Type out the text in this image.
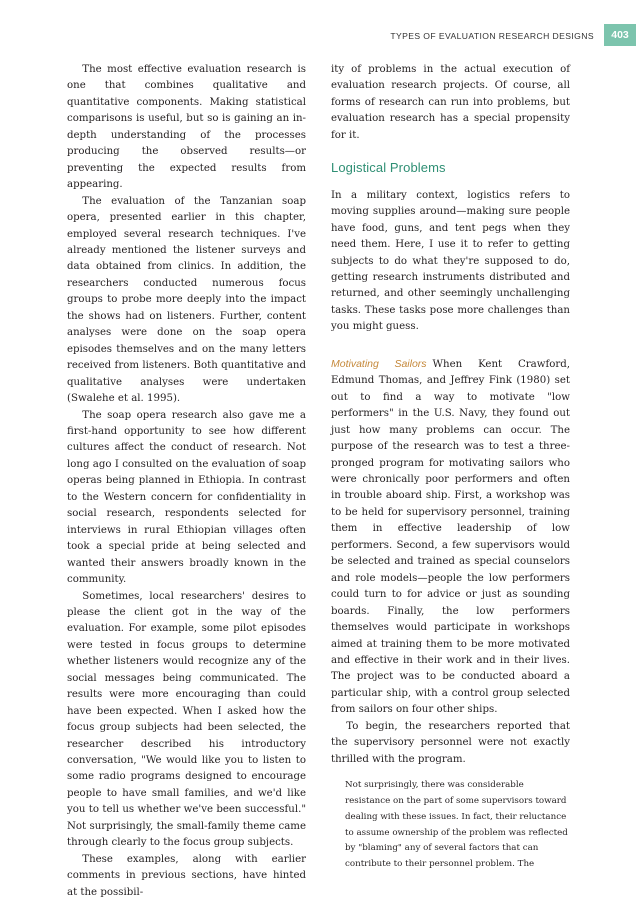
TYPES OF EVALUATION RESEARCH DESIGNS	403

The most effective evaluation research is one that combines qualitative and quantitative components. Making statistical comparisons is useful, but so is gaining an in-depth understanding of the processes producing the observed results—or preventing the expected results from appearing.

The evaluation of the Tanzanian soap opera, presented earlier in this chapter, employed several research techniques. I've already mentioned the listener surveys and data obtained from clinics. In addition, the researchers conducted numerous focus groups to probe more deeply into the impact the shows had on listeners. Further, content analyses were done on the soap opera episodes themselves and on the many letters received from listeners. Both quantitative and qualitative analyses were undertaken (Swalehe et al. 1995).

The soap opera research also gave me a first-hand opportunity to see how different cultures affect the conduct of research. Not long ago I consulted on the evaluation of soap operas being planned in Ethiopia. In contrast to the Western concern for confidentiality in social research, respondents selected for interviews in rural Ethiopian villages often took a special pride at being selected and wanted their answers broadly known in the community.

Sometimes, local researchers' desires to please the client got in the way of the evaluation. For example, some pilot episodes were tested in focus groups to determine whether listeners would recognize any of the social messages being communicated. The results were more encouraging than could have been expected. When I asked how the focus group subjects had been selected, the researcher described his introductory conversation, "We would like you to listen to some radio programs designed to encourage people to have small families, and we'd like you to tell us whether we've been successful." Not surprisingly, the small-family theme came through clearly to the focus group subjects.

These examples, along with earlier comments in previous sections, have hinted at the possibil-

ity of problems in the actual execution of evaluation research projects. Of course, all forms of research can run into problems, but evaluation research has a special propensity for it.

Logistical Problems

In a military context, logistics refers to moving supplies around—making sure people have food, guns, and tent pegs when they need them. Here, I use it to refer to getting subjects to do what they're supposed to do, getting research instruments distributed and returned, and other seemingly unchallenging tasks. These tasks pose more challenges than you might guess.

Motivating Sailors When Kent Crawford, Edmund Thomas, and Jeffrey Fink (1980) set out to find a way to motivate "low performers" in the U.S. Navy, they found out just how many problems can occur. The purpose of the research was to test a three-pronged program for motivating sailors who were chronically poor performers and often in trouble aboard ship. First, a workshop was to be held for supervisory personnel, training them in effective leadership of low performers. Second, a few supervisors would be selected and trained as special counselors and role models—people the low performers could turn to for advice or just as sounding boards. Finally, the low performers themselves would participate in workshops aimed at training them to be more motivated and effective in their work and in their lives. The project was to be conducted aboard a particular ship, with a control group selected from sailors on four other ships.

To begin, the researchers reported that the supervisory personnel were not exactly thrilled with the program.

Not surprisingly, there was considerable resistance on the part of some supervisors toward dealing with these issues. In fact, their reluctance to assume ownership of the problem was reflected by "blaming" any of several factors that can contribute to their personnel problem. The
